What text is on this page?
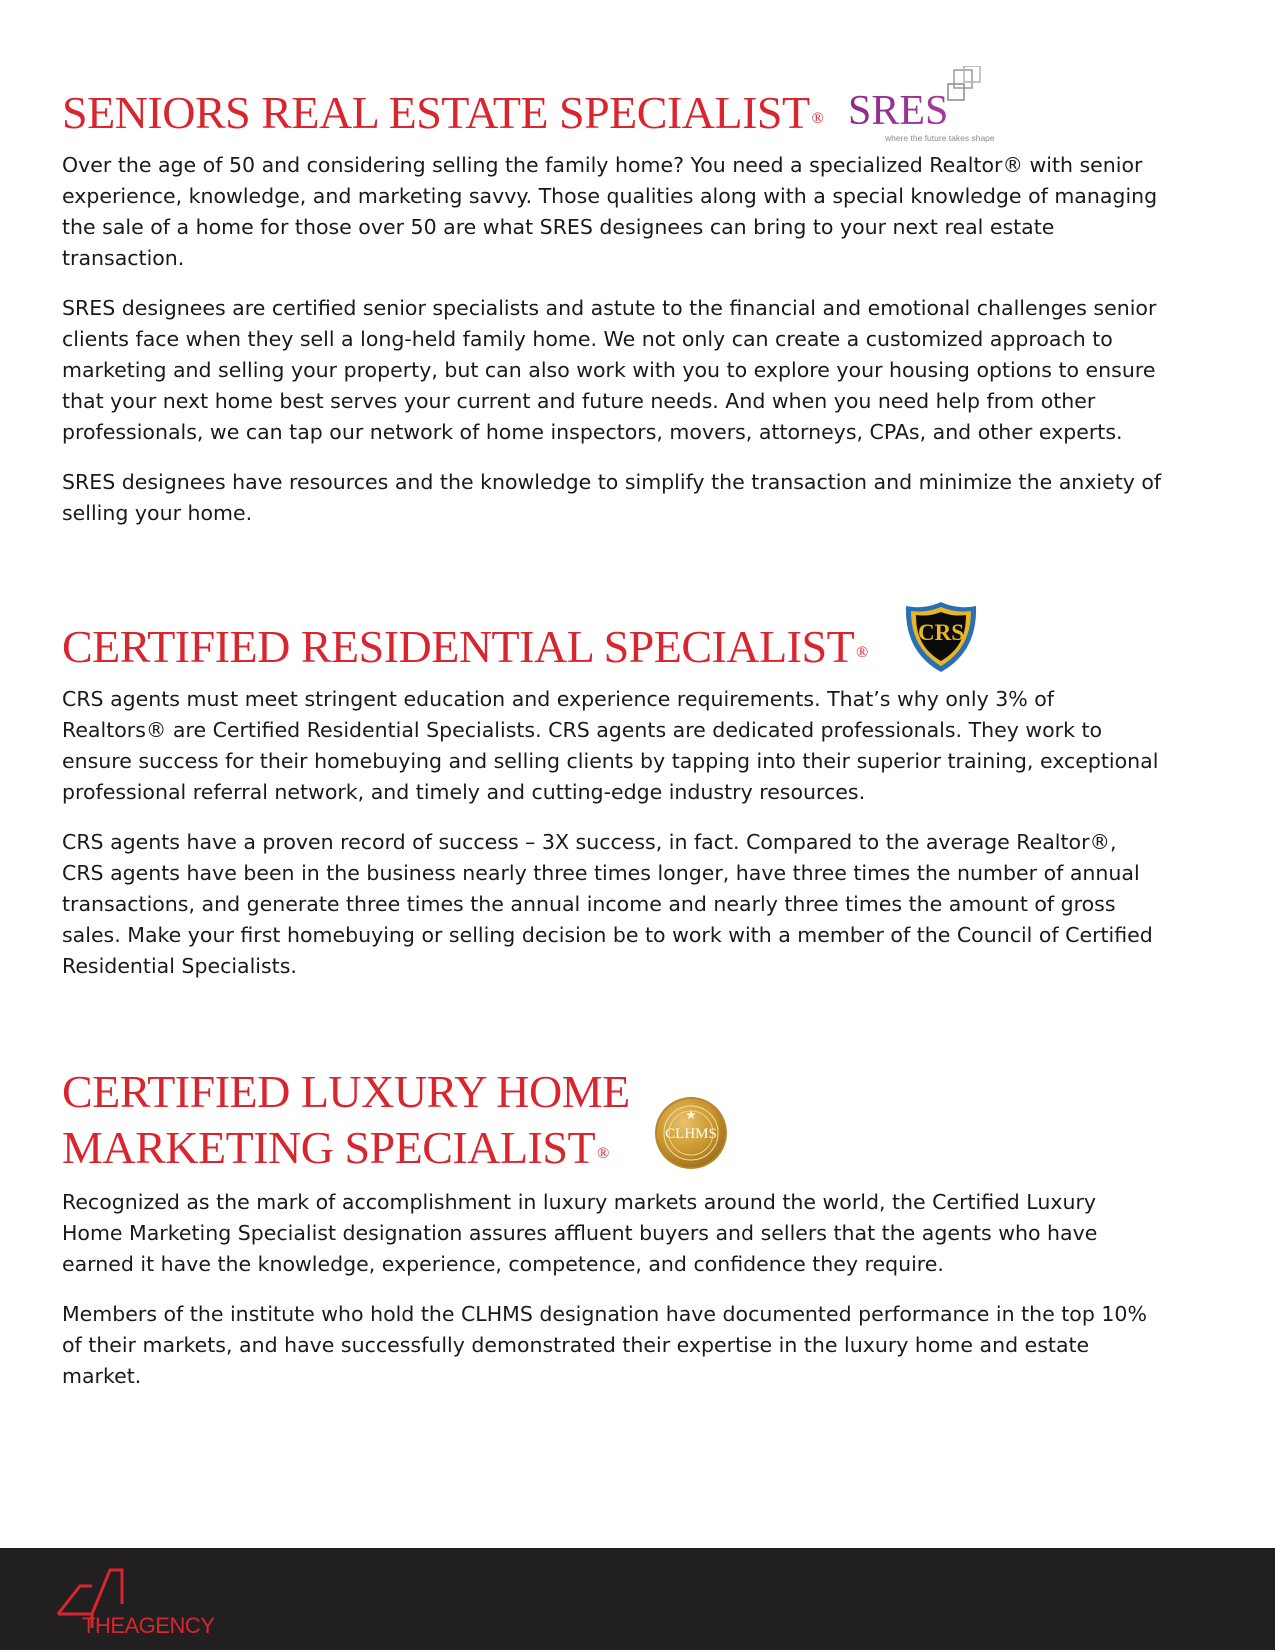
SENIORS REAL ESTATE SPECIALIST ® SRES
where the future takes shape

Over the age of 50 and considering selling the family home? You need a specialized Realtor® with senior experience, knowledge, and marketing savvy. Those qualities along with a special knowledge of managing the sale of a home for those over 50 are what SRES designees can bring to your next real estate transaction.

SRES designees are certified senior specialists and astute to the financial and emotional challenges senior clients face when they sell a long-held family home. We not only can create a customized approach to marketing and selling your property, but can also work with you to explore your housing options to ensure that your next home best serves your current and future needs. And when you need help from other professionals, we can tap our network of home inspectors, movers, attorneys, CPAs, and other experts.

SRES designees have resources and the knowledge to simplify the transaction and minimize the anxiety of selling your home.

CERTIFIED RESIDENTIAL SPECIALIST ®
CRS

CRS agents must meet stringent education and experience requirements. That’s why only 3% of Realtors® are Certified Residential Specialists. CRS agents are dedicated professionals. They work to ensure success for their homebuying and selling clients by tapping into their superior training, exceptional professional referral network, and timely and cutting-edge industry resources.

CRS agents have a proven record of success – 3X success, in fact. Compared to the average Realtor®, CRS agents have been in the business nearly three times longer, have three times the number of annual transactions, and generate three times the annual income and nearly three times the amount of gross sales. Make your first homebuying or selling decision be to work with a member of the Council of Certified Residential Specialists.

CERTIFIED LUXURY HOME
MARKETING SPECIALIST ®
CLHMS

Recognized as the mark of accomplishment in luxury markets around the world, the Certified Luxury Home Marketing Specialist designation assures affluent buyers and sellers that the agents who have earned it have the knowledge, experience, competence, and confidence they require.

Members of the institute who hold the CLHMS designation have documented performance in the top 10% of their markets, and have successfully demonstrated their expertise in the luxury home and estate market.

THEAGENCY
